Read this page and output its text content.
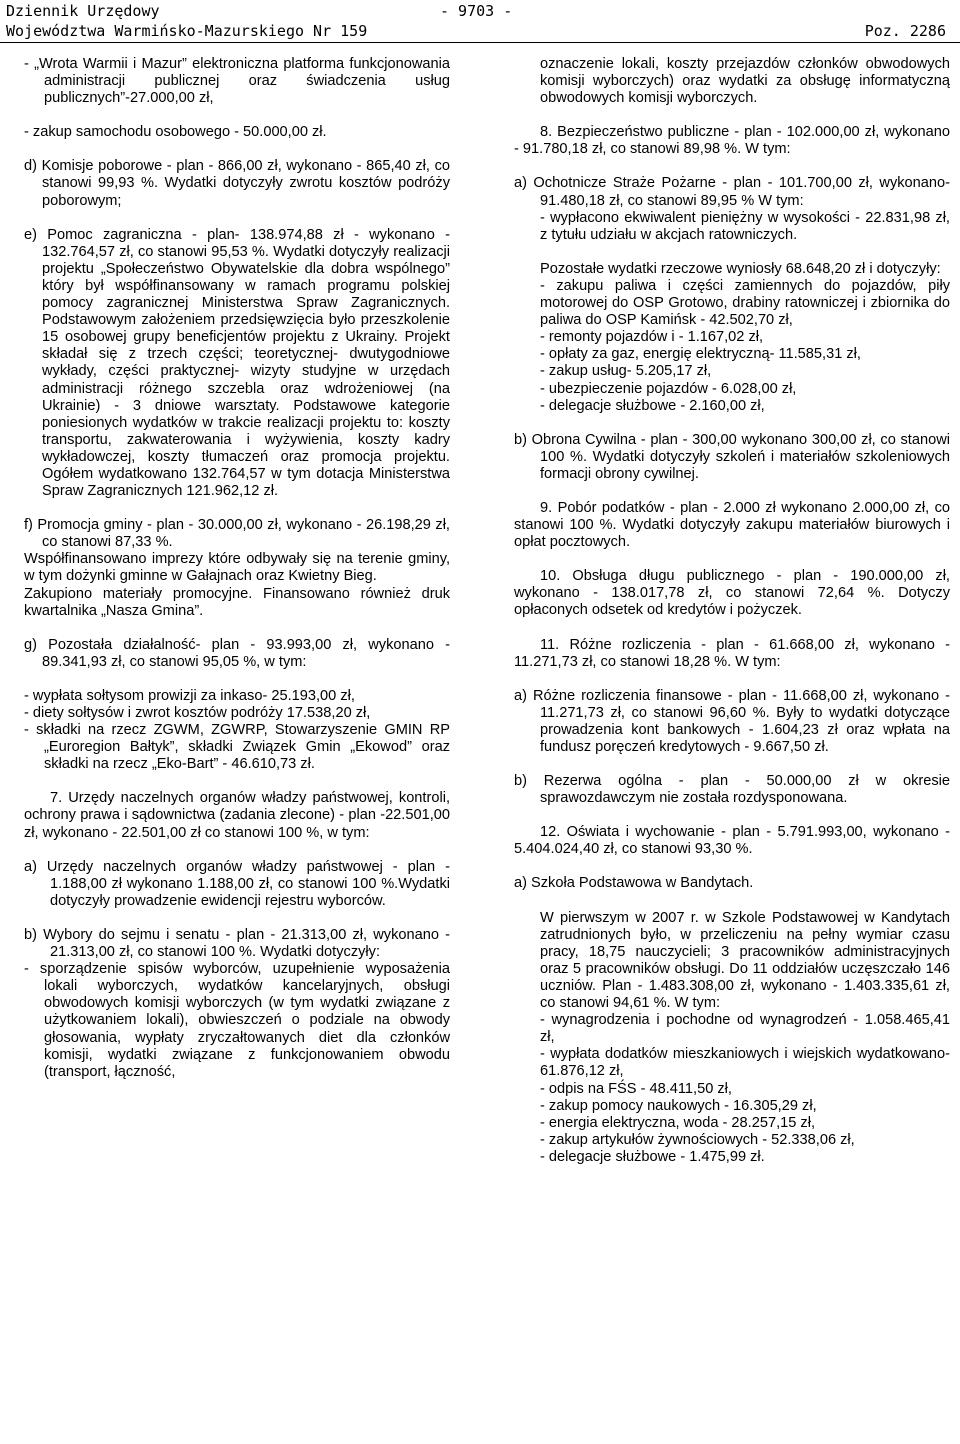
Dziennik Urzędowy
Województwa Warmińsko-Mazurskiego Nr 159
- 9703 -
Poz. 2286

- „Wrota Warmii i Mazur” elektroniczna platforma funkcjonowania administracji publicznej oraz świadczenia usług publicznych”-27.000,00 zł,

- zakup samochodu osobowego - 50.000,00 zł.

d) Komisje poborowe - plan - 866,00 zł, wykonano - 865,40 zł, co stanowi 99,93 %. Wydatki dotyczyły zwrotu kosztów podróży poborowym;

e) Pomoc zagraniczna - plan- 138.974,88 zł - wykonano - 132.764,57 zł, co stanowi 95,53 %. Wydatki dotyczyły realizacji projektu „Społeczeństwo Obywatelskie dla dobra wspólnego” który był współfinansowany w ramach programu polskiej pomocy zagranicznej Ministerstwa Spraw Zagranicznych. Podstawowym założeniem przedsięwzięcia było przeszkolenie 15 osobowej grupy beneficjentów projektu z Ukrainy. Projekt składał się z trzech części; teoretycznej- dwutygodniowe wykłady, części praktycznej- wizyty studyjne w urzędach administracji różnego szczebla oraz wdrożeniowej (na Ukrainie) - 3 dniowe warsztaty. Podstawowe kategorie poniesionych wydatków w trakcie realizacji projektu to: koszty transportu, zakwaterowania i wyżywienia, koszty kadry wykładowczej, koszty tłumaczeń oraz promocja projektu. Ogółem wydatkowano 132.764,57 w tym dotacja Ministerstwa Spraw Zagranicznych 121.962,12 zł.

f) Promocja gminy - plan - 30.000,00 zł, wykonano - 26.198,29 zł, co stanowi 87,33 %.

Współfinansowano imprezy które odbywały się na terenie gminy, w tym dożynki gminne w Gałajnach oraz Kwietny Bieg.

Zakupiono materiały promocyjne. Finansowano również druk kwartalnika „Nasza Gmina”.

g) Pozostała działalność- plan - 93.993,00 zł, wykonano - 89.341,93 zł, co stanowi 95,05 %, w tym:

- wypłata sołtysom prowizji za inkaso- 25.193,00 zł,

- diety sołtysów i zwrot kosztów podróży 17.538,20 zł,

- składki na rzecz ZGWM, ZGWRP, Stowarzyszenie GMIN RP „Euroregion Bałtyk”, składki Związek Gmin „Ekowod” oraz składki na rzecz „Eko-Bart” - 46.610,73 zł.

7. Urzędy naczelnych organów władzy państwowej, kontroli, ochrony prawa i sądownictwa (zadania zlecone) - plan -22.501,00 zł, wykonano - 22.501,00 zł co stanowi 100 %, w tym:

a) Urzędy naczelnych organów władzy państwowej - plan - 1.188,00 zł wykonano 1.188,00 zł, co stanowi 100 %.Wydatki dotyczyły prowadzenie ewidencji rejestru wyborców.

b) Wybory do sejmu i senatu - plan - 21.313,00 zł, wykonano - 21.313,00 zł, co stanowi 100 %. Wydatki dotyczyły:

- sporządzenie spisów wyborców, uzupełnienie wyposażenia lokali wyborczych, wydatków kancelaryjnych, obsługi obwodowych komisji wyborczych (w tym wydatki związane z użytkowaniem lokali), obwieszczeń o podziale na obwody głosowania, wypłaty zryczałtowanych diet dla członków komisji, wydatki związane z funkcjonowaniem obwodu (transport, łączność,

oznaczenie lokali, koszty przejazdów członków obwodowych komisji wyborczych) oraz wydatki za obsługę informatyczną obwodowych komisji wyborczych.

8. Bezpieczeństwo publiczne - plan - 102.000,00 zł, wykonano - 91.780,18 zł, co stanowi 89,98 %. W tym:

a) Ochotnicze Straże Pożarne - plan - 101.700,00 zł, wykonano- 91.480,18 zł, co stanowi 89,95 % W tym:

- wypłacono ekwiwalent pieniężny w wysokości - 22.831,98 zł, z tytułu udziału w akcjach ratowniczych.

Pozostałe wydatki rzeczowe wyniosły 68.648,20 zł i dotyczyły:

- zakupu paliwa i części zamiennych do pojazdów, piły motorowej do OSP Grotowo, drabiny ratowniczej i zbiornika do paliwa do OSP Kamińsk - 42.502,70 zł,

- remonty pojazdów i - 1.167,02 zł,

- opłaty za gaz, energię elektryczną- 11.585,31 zł,

- zakup usług- 5.205,17 zł,

- ubezpieczenie pojazdów - 6.028,00 zł,

- delegacje służbowe - 2.160,00 zł,

b) Obrona Cywilna - plan - 300,00 wykonano 300,00 zł, co stanowi 100 %. Wydatki dotyczyły szkoleń i materiałów szkoleniowych formacji obrony cywilnej.

9. Pobór podatków - plan - 2.000 zł wykonano 2.000,00 zł, co stanowi 100 %. Wydatki dotyczyły zakupu materiałów biurowych i opłat pocztowych.

10. Obsługa długu publicznego - plan - 190.000,00 zł, wykonano - 138.017,78 zł, co stanowi 72,64 %. Dotyczy opłaconych odsetek od kredytów i pożyczek.

11. Różne rozliczenia - plan - 61.668,00 zł, wykonano - 11.271,73 zł, co stanowi 18,28 %. W tym:

a) Różne rozliczenia finansowe - plan - 11.668,00 zł, wykonano - 11.271,73 zł, co stanowi 96,60 %. Były to wydatki dotyczące prowadzenia kont bankowych - 1.604,23 zł oraz wpłata na fundusz poręczeń kredytowych - 9.667,50 zł.

b) Rezerwa ogólna - plan - 50.000,00 zł w okresie sprawozdawczym nie została rozdysponowana.

12. Oświata i wychowanie - plan - 5.791.993,00, wykonano - 5.404.024,40 zł, co stanowi 93,30 %.

a) Szkoła Podstawowa w Bandytach.

W pierwszym w 2007 r. w Szkole Podstawowej w Kandytach zatrudnionych było, w przeliczeniu na pełny wymiar czasu pracy, 18,75 nauczycieli; 3 pracowników administracyjnych oraz 5 pracowników obsługi. Do 11 oddziałów uczęszczało 146 uczniów. Plan - 1.483.308,00 zł, wykonano - 1.403.335,61 zł, co stanowi 94,61 %. W tym:

- wynagrodzenia i pochodne od wynagrodzeń - 1.058.465,41 zł,

- wypłata dodatków mieszkaniowych i wiejskich wydatkowano- 61.876,12 zł,

- odpis na FŚS - 48.411,50 zł,

- zakup pomocy naukowych - 16.305,29 zł,

- energia elektryczna, woda - 28.257,15 zł,

- zakup artykułów żywnościowych - 52.338,06 zł,

- delegacje służbowe - 1.475,99 zł.
